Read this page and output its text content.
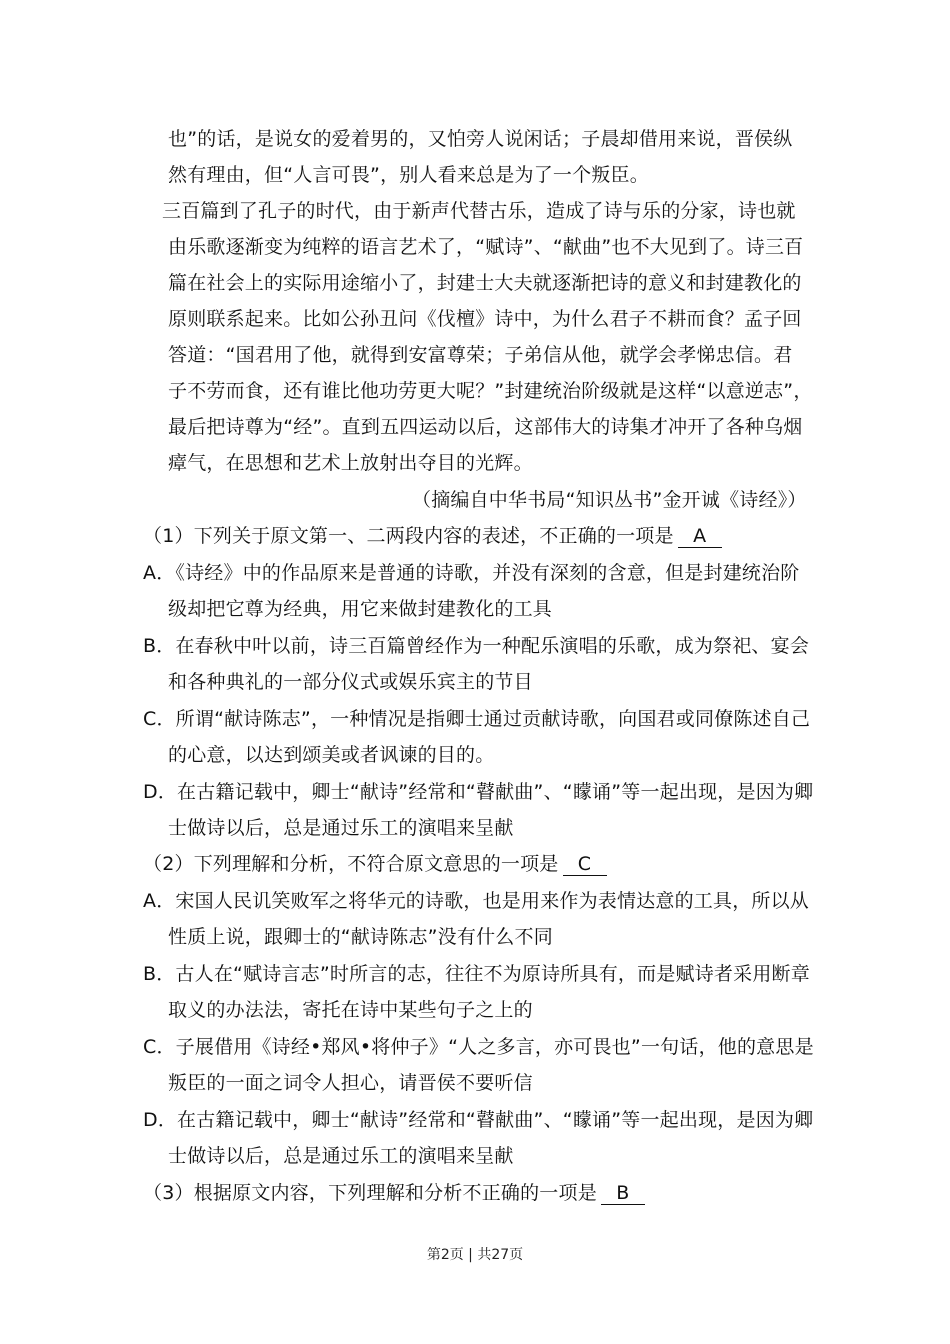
也”的话，是说女的爱着男的，又怕旁人说闲话；子晨却借用来说，晋侯纵
然有理由，但“人言可畏”，别人看来总是为了一个叛臣。
三百篇到了孔子的时代，由于新声代替古乐，造成了诗与乐的分家，诗也就
由乐歌逐渐变为纯粹的语言艺术了，“赋诗”、“献曲”也不大见到了。诗三百
篇在社会上的实际用途缩小了，封建士大夫就逐渐把诗的意义和封建教化的
原则联系起来。比如公孙丑问《伐檀》诗中，为什么君子不耕而食？孟子回
答道：“国君用了他，就得到安富尊荣；子弟信从他，就学会孝悌忠信。君
子不劳而食，还有谁比他功劳更大呢？”封建统治阶级就是这样“以意逆志”，
最后把诗尊为“经”。直到五四运动以后，这部伟大的诗集才冲开了各种乌烟
瘴气，在思想和艺术上放射出夺目的光辉。
（摘编自中华书局“知识丛书”金开诚《诗经》）
（1）下列关于原文第一、二两段内容的表述，不正确的一项是 A
A．《诗经》中的作品原来是普通的诗歌，并没有深刻的含意，但是封建统治阶
级却把它尊为经典，用它来做封建教化的工具
B．在春秋中叶以前，诗三百篇曾经作为一种配乐演唱的乐歌，成为祭祀、宴会
和各种典礼的一部分仪式或娱乐宾主的节目
C．所谓“献诗陈志”，一种情况是指卿士通过贡献诗歌，向国君或同僚陈述自己
的心意，以达到颂美或者讽谏的目的。
D．在古籍记载中，卿士“献诗”经常和“瞽献曲”、“矇诵”等一起出现，是因为卿
士做诗以后，总是通过乐工的演唱来呈献
（2）下列理解和分析，不符合原文意思的一项是 C
A．宋国人民讥笑败军之将华元的诗歌，也是用来作为表情达意的工具，所以从
性质上说，跟卿士的“献诗陈志”没有什么不同
B．古人在“赋诗言志”时所言的志，往往不为原诗所具有，而是赋诗者采用断章
取义的办法法，寄托在诗中某些句子之上的
C．子展借用《诗经•郑风•将仲子》“人之多言，亦可畏也”一句话，他的意思是
叛臣的一面之词令人担心，请晋侯不要听信
D．在古籍记载中，卿士“献诗”经常和“瞽献曲”、“矇诵”等一起出现，是因为卿
士做诗以后，总是通过乐工的演唱来呈献
（3）根据原文内容，下列理解和分析不正确的一项是 B
第2页 | 共27页
